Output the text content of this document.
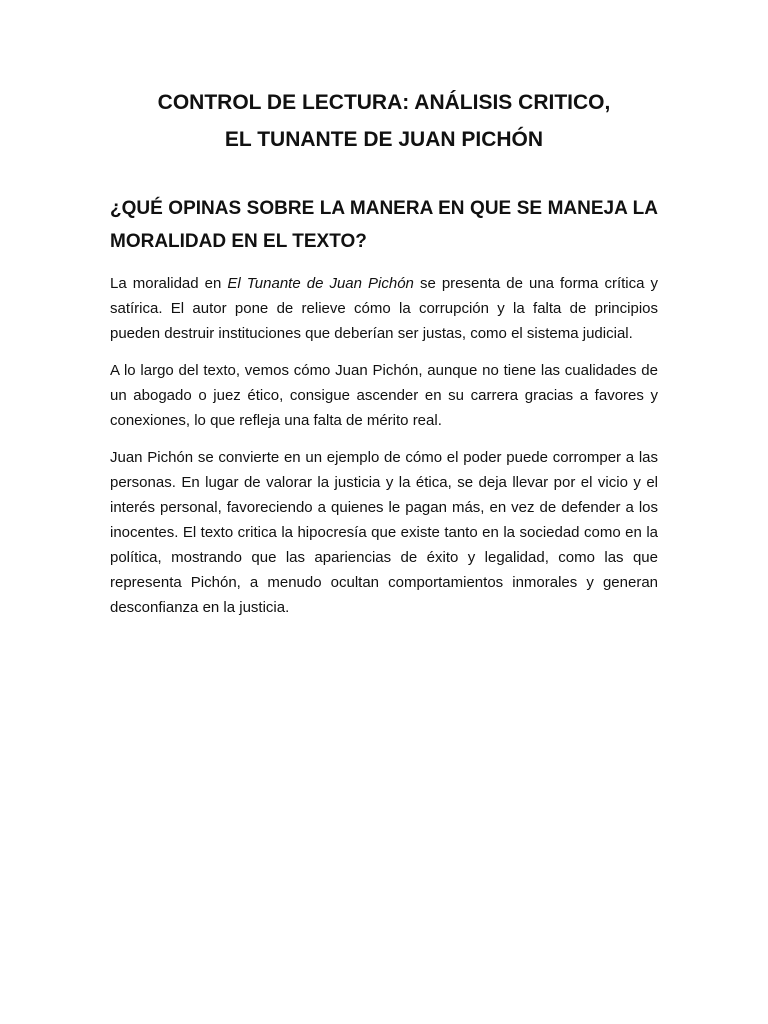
CONTROL DE LECTURA: ANÁLISIS CRITICO,
EL TUNANTE DE JUAN PICHÓN
¿QUÉ OPINAS SOBRE LA MANERA EN QUE SE MANEJA LA MORALIDAD EN EL TEXTO?

La moralidad en El Tunante de Juan Pichón se presenta de una forma crítica y satírica. El autor pone de relieve cómo la corrupción y la falta de principios pueden destruir instituciones que deberían ser justas, como el sistema judicial.

A lo largo del texto, vemos cómo Juan Pichón, aunque no tiene las cualidades de un abogado o juez ético, consigue ascender en su carrera gracias a favores y conexiones, lo que refleja una falta de mérito real.

Juan Pichón se convierte en un ejemplo de cómo el poder puede corromper a las personas. En lugar de valorar la justicia y la ética, se deja llevar por el vicio y el interés personal, favoreciendo a quienes le pagan más, en vez de defender a los inocentes. El texto critica la hipocresía que existe tanto en la sociedad como en la política, mostrando que las apariencias de éxito y legalidad, como las que representa Pichón, a menudo ocultan comportamientos inmorales y generan desconfianza en la justicia.
